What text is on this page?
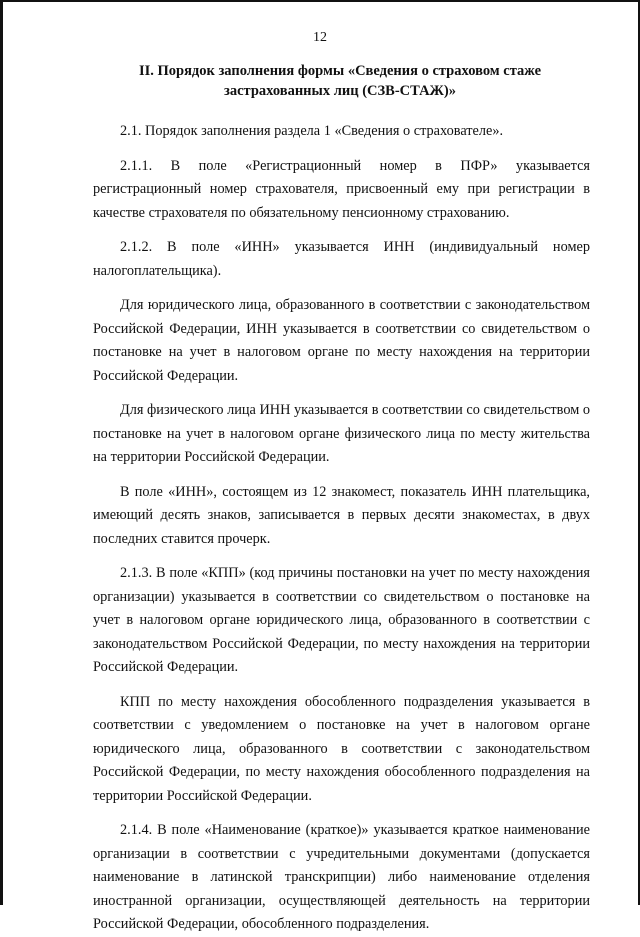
12
II. Порядок заполнения формы «Сведения о страховом стаже застрахованных лиц (СЗВ-СТАЖ)»

2.1. Порядок заполнения раздела 1 «Сведения о страхователе».

2.1.1. В поле «Регистрационный номер в ПФР» указывается регистрационный номер страхователя, присвоенный ему при регистрации в качестве страхователя по обязательному пенсионному страхованию.

2.1.2. В поле «ИНН» указывается ИНН (индивидуальный номер налогоплательщика).

Для юридического лица, образованного в соответствии с законодательством Российской Федерации, ИНН указывается в соответствии со свидетельством о постановке на учет в налоговом органе по месту нахождения на территории Российской Федерации.

Для физического лица ИНН указывается в соответствии со свидетельством о постановке на учет в налоговом органе физического лица по месту жительства на территории Российской Федерации.

В поле «ИНН», состоящем из 12 знакомест, показатель ИНН плательщика, имеющий десять знаков, записывается в первых десяти знакоместах, в двух последних ставится прочерк.

2.1.3. В поле «КПП» (код причины постановки на учет по месту нахождения организации) указывается в соответствии со свидетельством о постановке на учет в налоговом органе юридического лица, образованного в соответствии с законодательством Российской Федерации, по месту нахождения на территории Российской Федерации.

КПП по месту нахождения обособленного подразделения указывается в соответствии с уведомлением о постановке на учет в налоговом органе юридического лица, образованного в соответствии с законодательством Российской Федерации, по месту нахождения обособленного подразделения на территории Российской Федерации.

2.1.4. В поле «Наименование (краткое)» указывается краткое наименование организации в соответствии с учредительными документами (допускается наименование в латинской транскрипции) либо наименование отделения иностранной организации, осуществляющей деятельность на территории Российской Федерации, обособленного подразделения.
